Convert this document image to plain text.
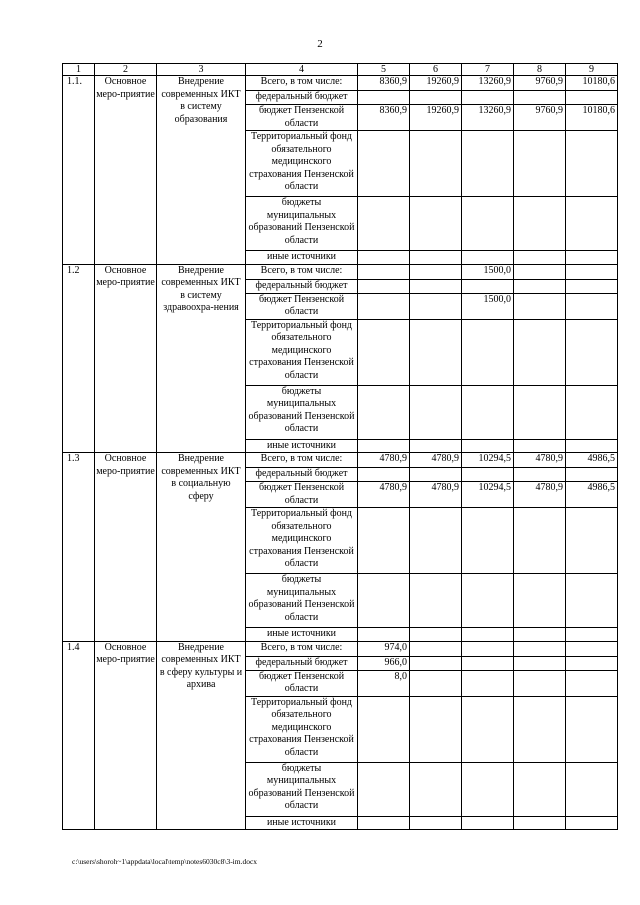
2
1	2	3	4	5	6	7	8	9
1.1.	Основное меро-приятие	Внедрение современных ИКТ в систему образования	Всего, в том числе:	8360,9	19260,9	13260,9	9760,9	10180,6
			федеральный бюджет					
			бюджет Пензенской области	8360,9	19260,9	13260,9	9760,9	10180,6
			Территориальный фонд обязательного медицинского страхования Пензенской области					
			бюджеты муниципальных образований Пензенской области					
			иные источники					
1.2	Основное меро-приятие	Внедрение современных ИКТ в систему здравоохра-нения	Всего, в том числе:			1500,0		
			федеральный бюджет					
			бюджет Пензенской области			1500,0		
			Территориальный фонд обязательного медицинского страхования Пензенской области					
			бюджеты муниципальных образований Пензенской области					
			иные источники					
1.3	Основное меро-приятие	Внедрение современных ИКТ в социальную сферу	Всего, в том числе:	4780,9	4780,9	10294,5	4780,9	4986,5
			федеральный бюджет					
			бюджет Пензенской области	4780,9	4780,9	10294,5	4780,9	4986,5
			Территориальный фонд обязательного медицинского страхования Пензенской области					
			бюджеты муниципальных образований Пензенской области					
			иные источники					
1.4	Основное меро-приятие	Внедрение современных ИКТ в сферу культуры и архива	Всего, в том числе:	974,0				
			федеральный бюджет	966,0				
			бюджет Пензенской области	8,0				
			Территориальный фонд обязательного медицинского страхования Пензенской области					
			бюджеты муниципальных образований Пензенской области					
			иные источники					
c:\users\shoroh~1\appdata\local\temp\notes6030c8\3-im.docx
